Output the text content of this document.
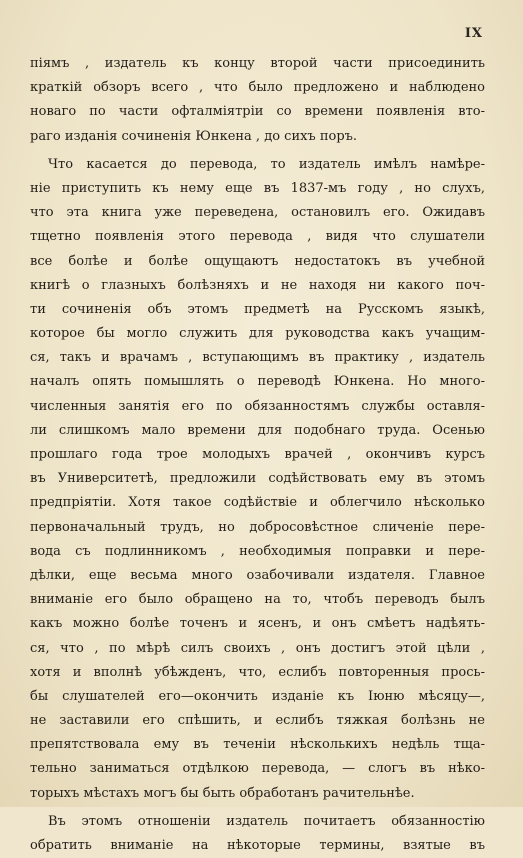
IX
піямъ , издатель къ концу второй части присоединить
краткій обзоръ всего , что было предложено и наблюдено
новаго по части офталміятріи со времени появленія вто-
раго изданія сочиненія Юнкена , до сихъ поръ.
Что касается до перевода, то издатель имѣлъ намѣре-
ніе приступить къ нему еще въ 1837-мъ году , но слухъ,
что эта книга уже переведена, остановилъ его. Ожидавъ
тщетно появленія этого перевода , видя что слушатели
все болѣе и болѣе ощущаютъ недостатокъ въ учебной
книгѣ о глазныхъ болѣзняхъ и не находя ни какого поч-
ти сочиненія объ этомъ предметѣ на Русскомъ языкѣ,
которое бы могло служить для руководства какъ учащим-
ся, такъ и врачамъ , вступающимъ въ практику , издатель
началъ опять помышлять о переводѣ Юнкена. Но много-
численныя занятія его по обязанностямъ службы оставля-
ли слишкомъ мало времени для подобнаго труда. Осенью
прошлаго года трое молодыхъ врачей , окончивъ курсъ
въ Университетѣ, предложили содѣйствовать ему въ этомъ
предпріятіи. Хотя такое содѣйствіе и облегчило нѣсколько
первоначальный трудъ, но добросовѣстное сличеніе пере-
вода съ подлинникомъ , необходимыя поправки и пере-
дѣлки, еще весьма много озабочивали издателя. Главное
вниманіе его было обращено на то, чтобъ переводъ былъ
какъ можно болѣе точенъ и ясенъ, и онъ смѣетъ надѣять-
ся, что , по мѣрѣ силъ своихъ , онъ достигъ этой цѣли ,
хотя и вполнѣ убѣжденъ, что, еслибъ повторенныя прось-
бы слушателей его—окончить изданіе къ Іюню мѣсяцу—,
не заставили его спѣшить, и еслибъ тяжкая болѣзнь не
препятствовала ему въ теченіи нѣсколькихъ недѣль тща-
тельно заниматься отдѣлкою перевода, — слогъ въ нѣко-
торыхъ мѣстахъ могъ бы быть обработанъ рачительнѣе.
Въ этомъ отношеніи издатель почитаетъ обязанностію
обратить вниманіе на нѣкоторые термины, взятые въ
